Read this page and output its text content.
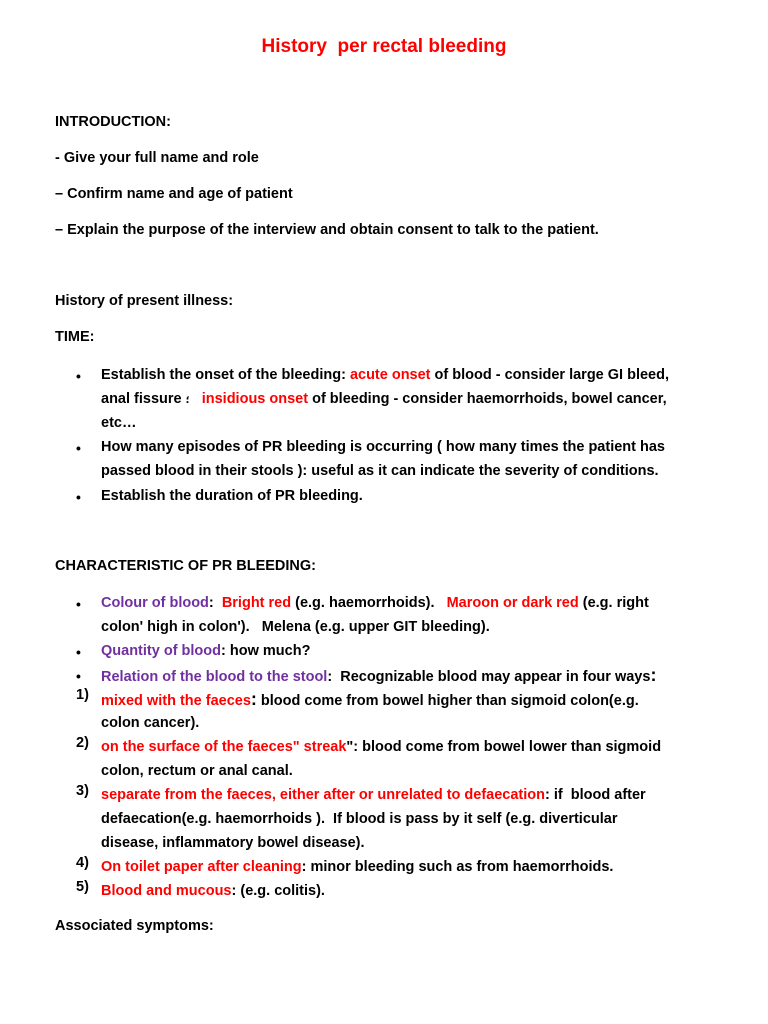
History  per rectal bleeding
INTRODUCTION:
- Give your full name and role
– Confirm name and age of patient
– Explain the purpose of the interview and obtain consent to talk to the patient.
History of present illness:
TIME:
• Establish the onset of the bleeding: acute onset of blood - consider large GI bleed,
anal fissure ؛ insidious onset of bleeding - consider haemorrhoids, bowel cancer,
etc…
• How many episodes of PR bleeding is occurring ( how many times the patient has
passed blood in their stools ): useful as it can indicate the severity of conditions.
• Establish the duration of PR bleeding.
CHARACTERISTIC OF PR BLEEDING:
• Colour of blood:  Bright red (e.g. haemorrhoids).   Maroon or dark red (e.g. right
colon' high in colon').   Melena (e.g. upper GIT bleeding).
• Quantity of blood: how much?
• Relation of the blood to the stool:  Recognizable blood may appear in four ways:
1) mixed with the faeces: blood come from bowel higher than sigmoid colon(e.g.
colon cancer).
2) on the surface of the faeces" streak": blood come from bowel lower than sigmoid
colon, rectum or anal canal.
3) separate from the faeces, either after or unrelated to defaecation: if  blood after
defaecation(e.g. haemorrhoids ).  If blood is pass by it self (e.g. diverticular
disease, inflammatory bowel disease).
4) On toilet paper after cleaning: minor bleeding such as from haemorrhoids.
5) Blood and mucous: (e.g. colitis).
Associated symptoms:
